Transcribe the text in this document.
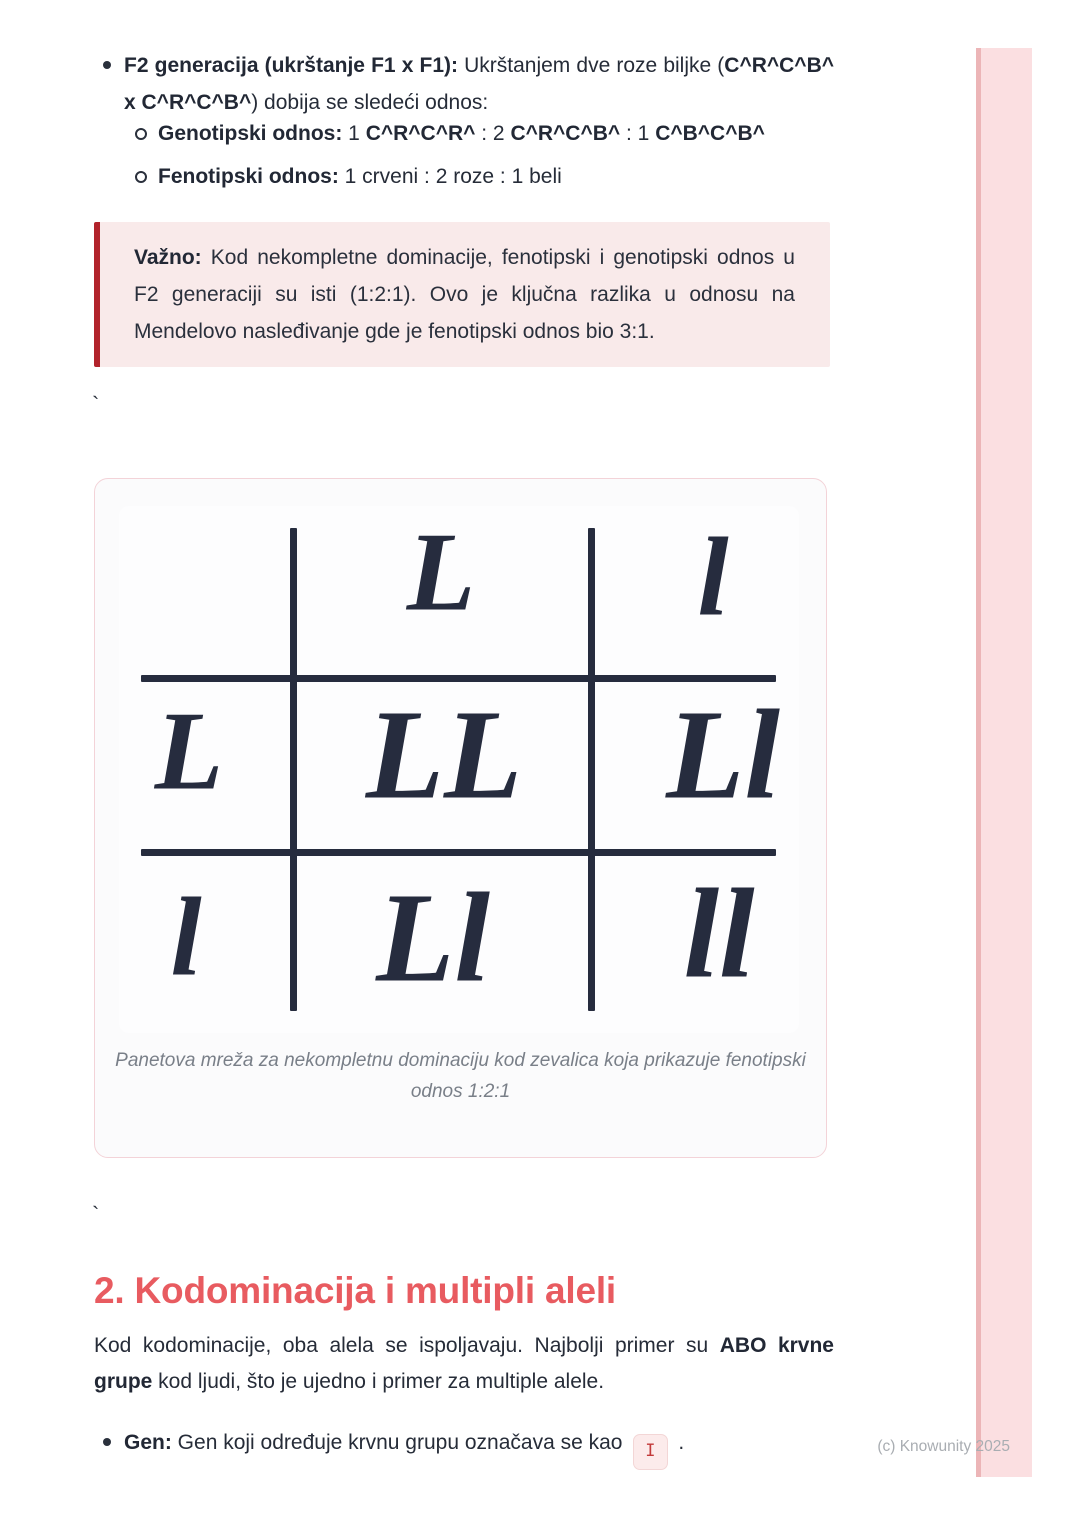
F2 generacija (ukrštanje F1 x F1): Ukrštanjem dve roze biljke (C^R^C^B^ x C^R^C^B^) dobija se sledeći odnos:
Genotipski odnos: 1 C^R^C^R^ : 2 C^R^C^B^ : 1 C^B^C^B^
Fenotipski odnos: 1 crveni : 2 roze : 1 beli
Važno: Kod nekompletne dominacije, fenotipski i genotipski odnos u F2 generaciji su isti (1:2:1). Ovo je ključna razlika u odnosu na Mendelovo nasleđivanje gde je fenotipski odnos bio 3:1.
`
L l
L LL Ll
l Ll ll
Panetova mreža za nekompletnu dominaciju kod zevalica koja prikazuje fenotipski odnos 1:2:1
`
2. Kodominacija i multipli aleli
Kod kodominacije, oba alela se ispoljavaju. Najbolji primer su ABO krvne grupe kod ljudi, što je ujedno i primer za multiple alele.
Gen: Gen koji određuje krvnu grupu označava se kao I .	(c) Knowunity 2025
